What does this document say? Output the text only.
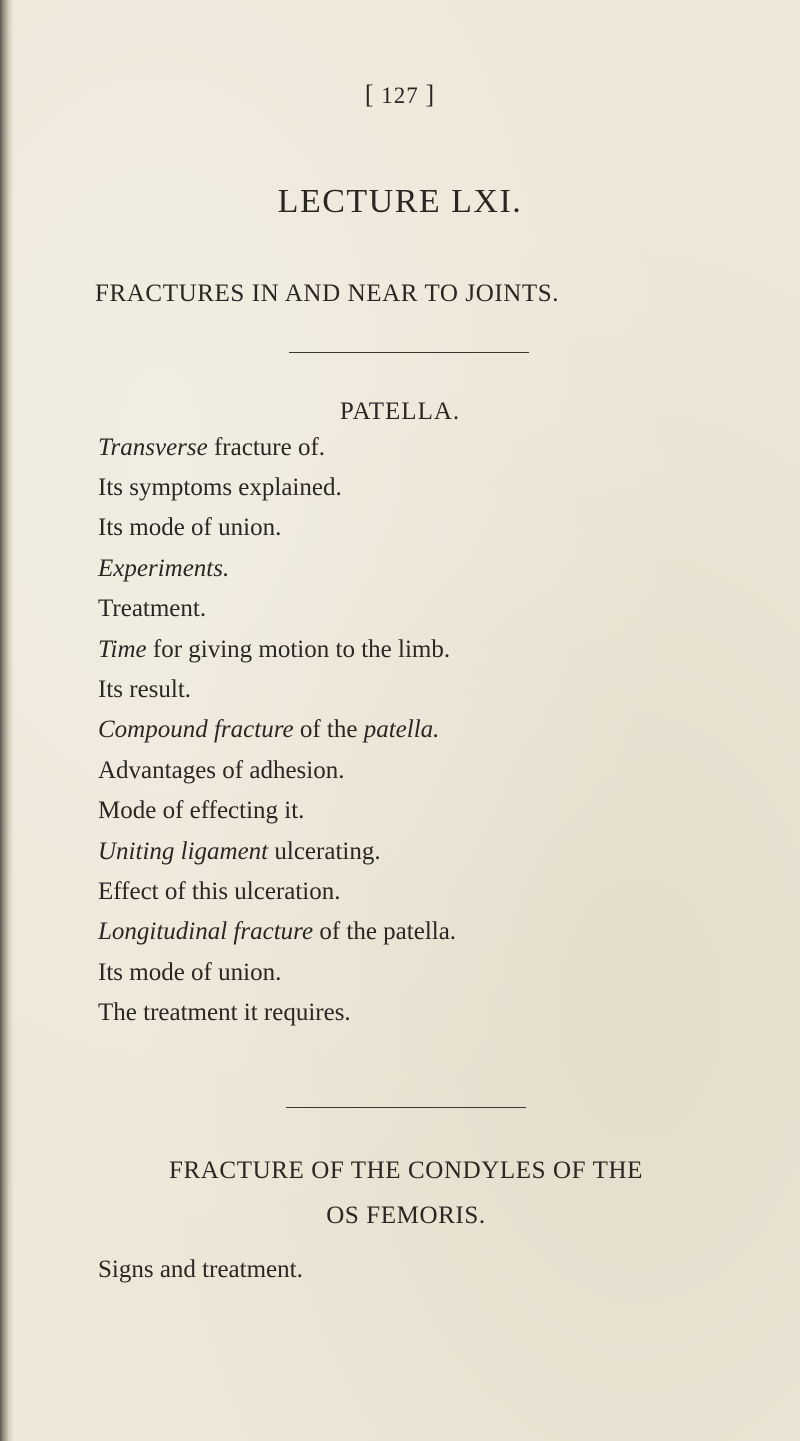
[ 127 ]
LECTURE LXI.
FRACTURES IN AND NEAR TO JOINTS.
PATELLA.
Transverse fracture of.
Its symptoms explained.
Its mode of union.
Experiments.
Treatment.
Time for giving motion to the limb.
Its result.
Compound fracture of the patella.
Advantages of adhesion.
Mode of effecting it.
Uniting ligament ulcerating.
Effect of this ulceration.
Longitudinal fracture of the patella.
Its mode of union.
The treatment it requires.
FRACTURE OF THE CONDYLES OF THE
OS FEMORIS.
Signs and treatment.
